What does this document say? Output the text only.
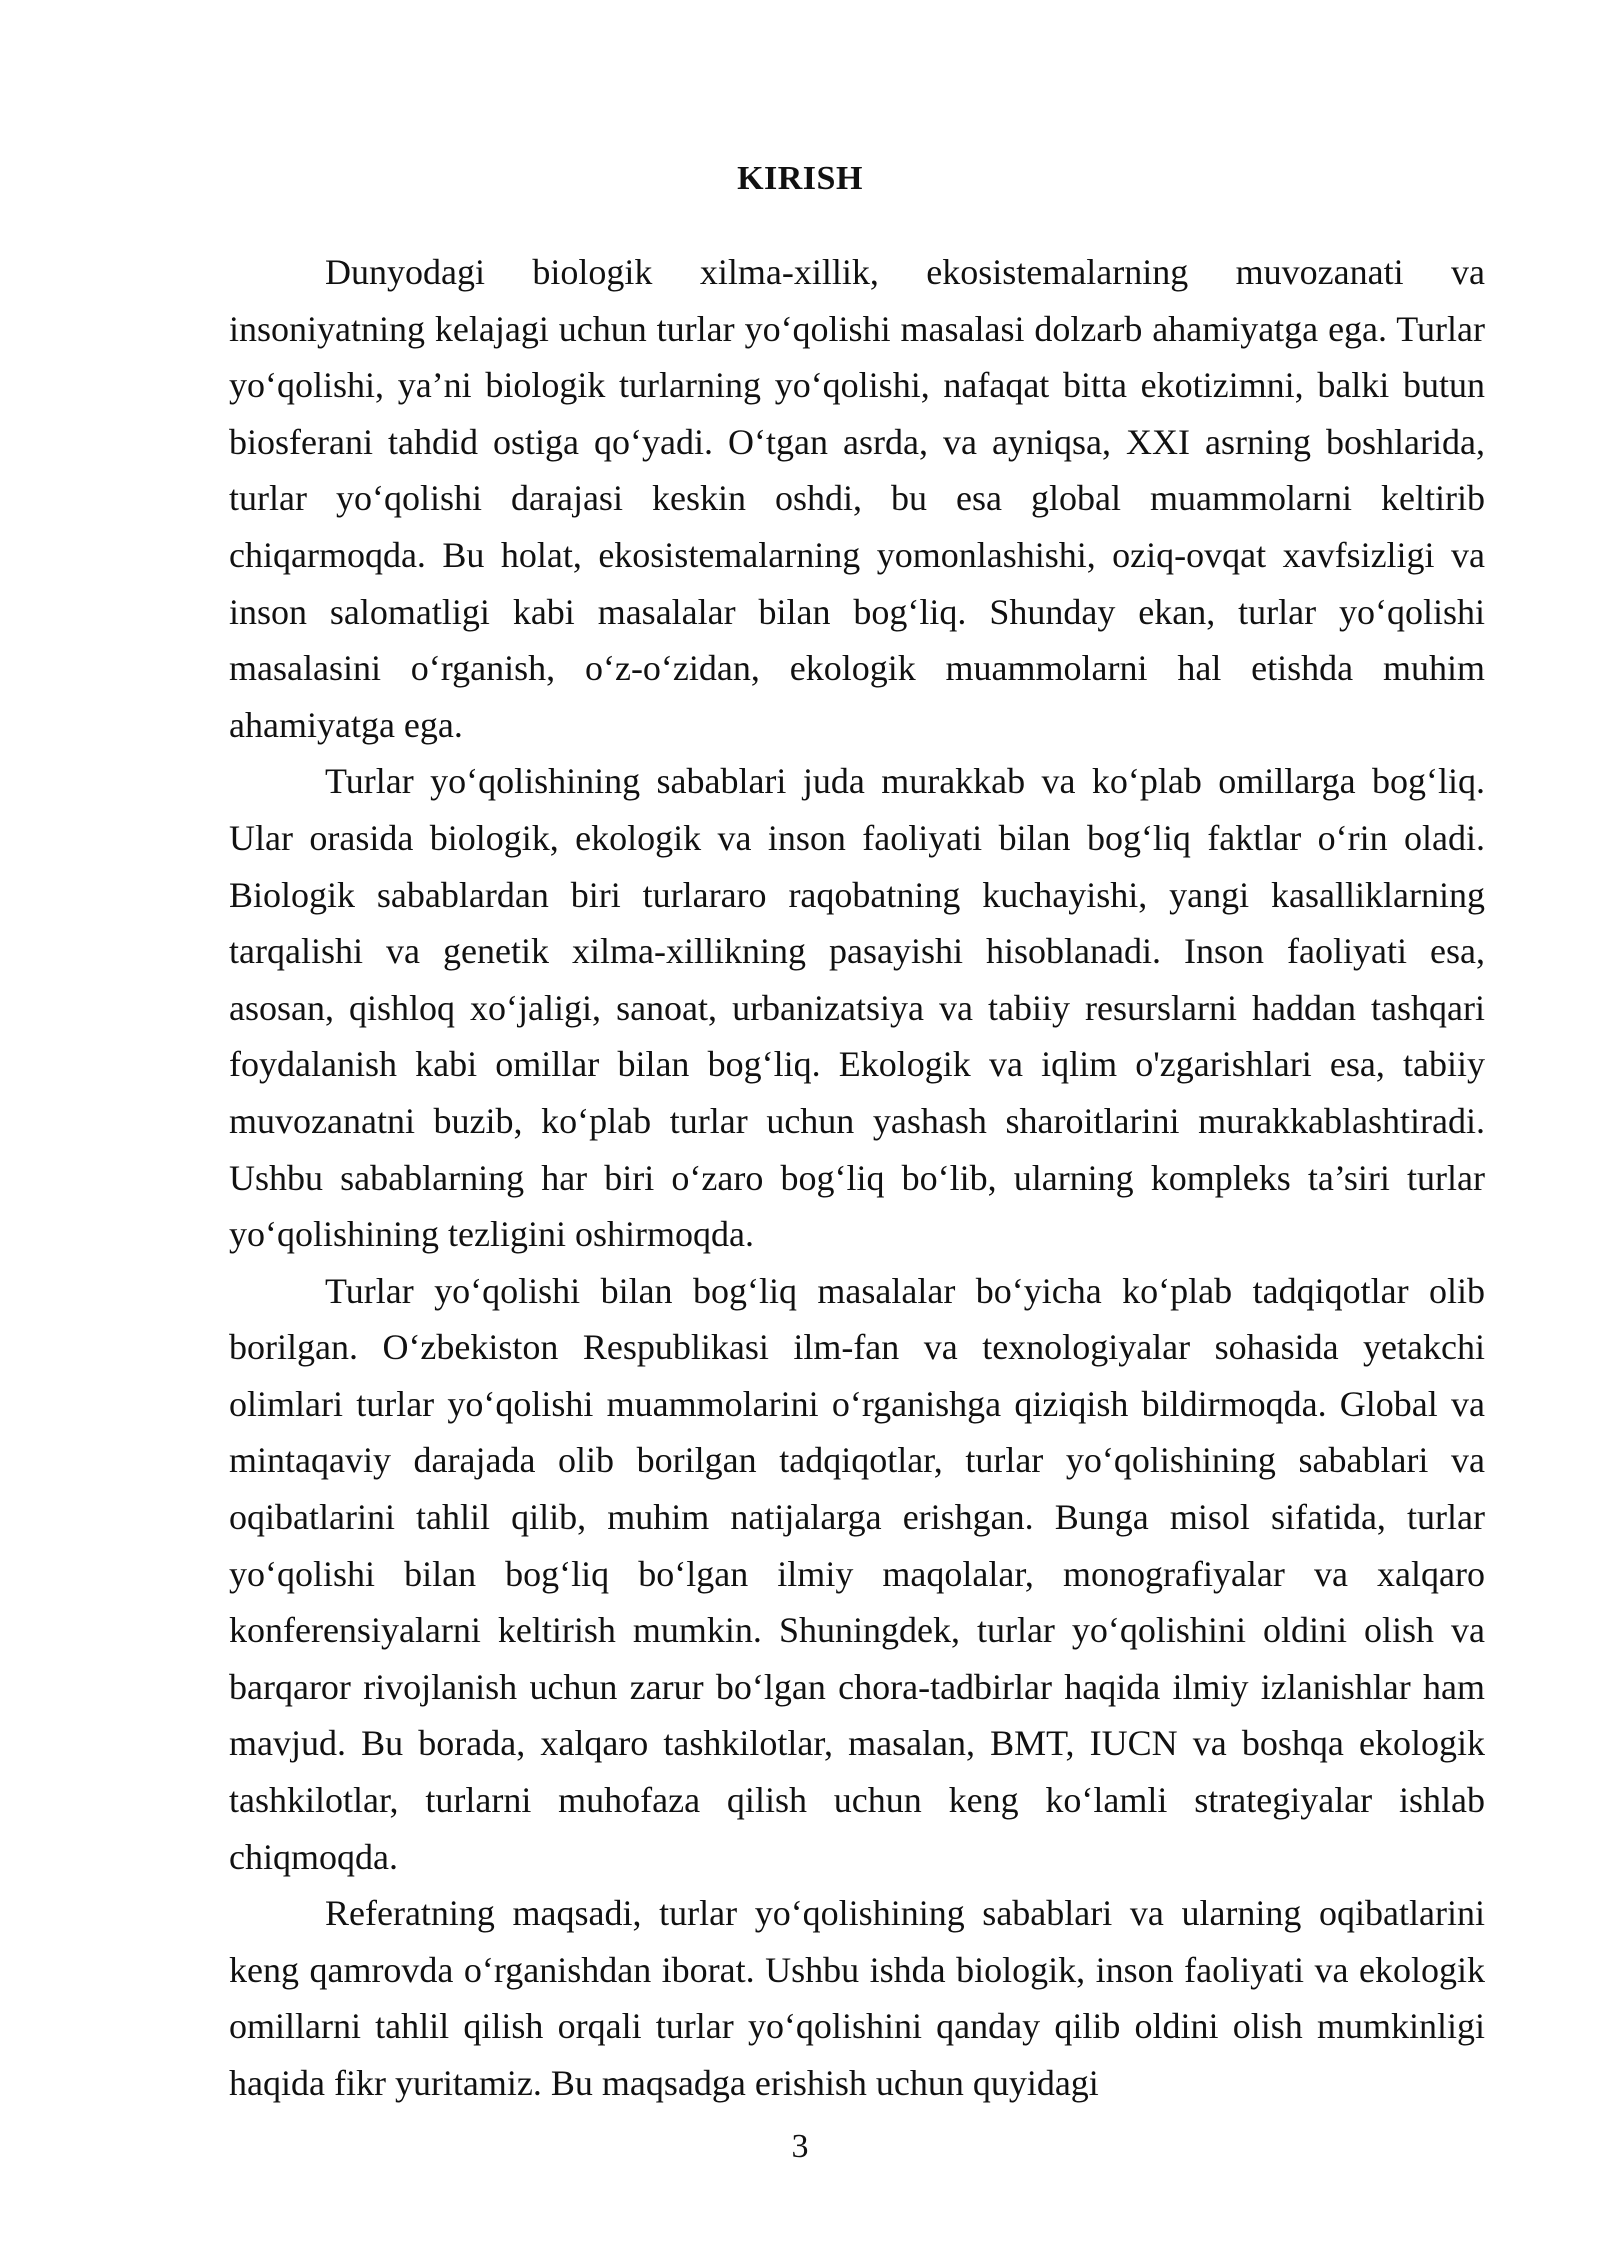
KIRISH

Dunyodagi biologik xilma-xillik, ekosistemalarning muvozanati va insoniyatning kelajagi uchun turlar yo‘qolishi masalasi dolzarb ahamiyatga ega. Turlar yo‘qolishi, ya’ni biologik turlarning yo‘qolishi, nafaqat bitta ekotizimni, balki butun biosferani tahdid ostiga qo‘yadi. O‘tgan asrda, va ayniqsa, XXI asrning boshlarida, turlar yo‘qolishi darajasi keskin oshdi, bu esa global muammolarni keltirib chiqarmoqda. Bu holat, ekosistemalarning yomonlashishi, oziq-ovqat xavfsizligi va inson salomatligi kabi masalalar bilan bog‘liq. Shunday ekan, turlar yo‘qolishi masalasini o‘rganish, o‘z-o‘zidan, ekologik muammolarni hal etishda muhim ahamiyatga ega.

Turlar yo‘qolishining sabablari juda murakkab va ko‘plab omillarga bog‘liq. Ular orasida biologik, ekologik va inson faoliyati bilan bog‘liq faktlar o‘rin oladi. Biologik sabablardan biri turlararo raqobatning kuchayishi, yangi kasalliklarning tarqalishi va genetik xilma-xillikning pasayishi hisoblanadi. Inson faoliyati esa, asosan, qishloq xo‘jaligi, sanoat, urbanizatsiya va tabiiy resurslarni haddan tashqari foydalanish kabi omillar bilan bog‘liq. Ekologik va iqlim o'zgarishlari esa, tabiiy muvozanatni buzib, ko‘plab turlar uchun yashash sharoitlarini murakkablashtiradi. Ushbu sabablarning har biri o‘zaro bog‘liq bo‘lib, ularning kompleks ta’siri turlar yo‘qolishining tezligini oshirmoqda.

Turlar yo‘qolishi bilan bog‘liq masalalar bo‘yicha ko‘plab tadqiqotlar olib borilgan. O‘zbekiston Respublikasi ilm-fan va texnologiyalar sohasida yetakchi olimlari turlar yo‘qolishi muammolarini o‘rganishga qiziqish bildirmoqda. Global va mintaqaviy darajada olib borilgan tadqiqotlar, turlar yo‘qolishining sabablari va oqibatlarini tahlil qilib, muhim natijalarga erishgan. Bunga misol sifatida, turlar yo‘qolishi bilan bog‘liq bo‘lgan ilmiy maqolalar, monografiyalar va xalqaro konferensiyalarni keltirish mumkin. Shuningdek, turlar yo‘qolishini oldini olish va barqaror rivojlanish uchun zarur bo‘lgan chora-tadbirlar haqida ilmiy izlanishlar ham mavjud. Bu borada, xalqaro tashkilotlar, masalan, BMT, IUCN va boshqa ekologik tashkilotlar, turlarni muhofaza qilish uchun keng ko‘lamli strategiyalar ishlab chiqmoqda.

Referatning maqsadi, turlar yo‘qolishining sabablari va ularning oqibatlarini keng qamrovda o‘rganishdan iborat. Ushbu ishda biologik, inson faoliyati va ekologik omillarni tahlil qilish orqali turlar yo‘qolishini qanday qilib oldini olish mumkinligi haqida fikr yuritamiz. Bu maqsadga erishish uchun quyidagi

3
